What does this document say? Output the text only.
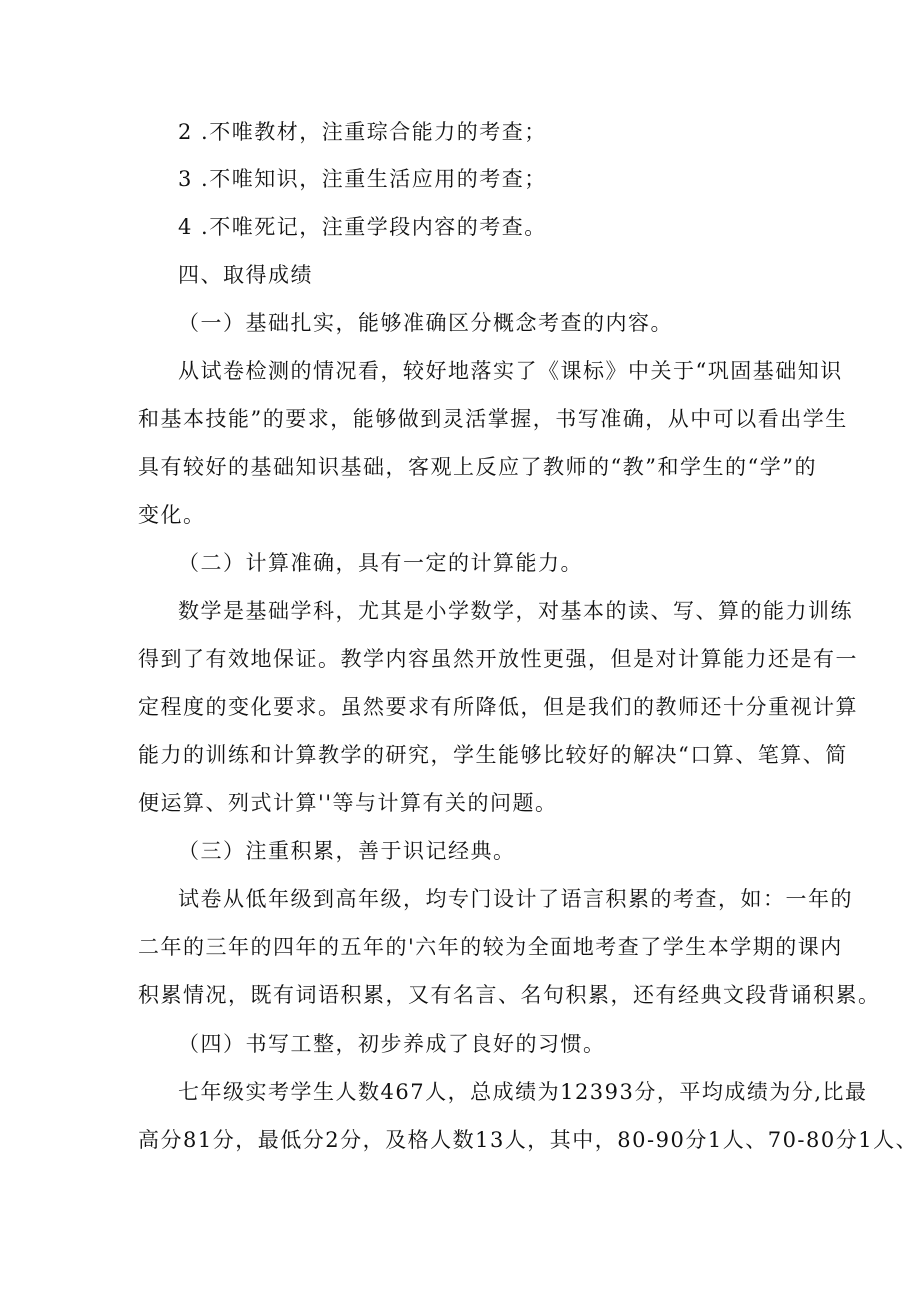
2 .不唯教材，注重琮合能力的考查；
3 .不唯知识，注重生活应用的考查；
4 .不唯死记，注重学段内容的考查。
四、取得成绩
（一）基础扎实，能够准确区分概念考查的内容。
从试卷检测的情况看，较好地落实了《课标》中关于“巩固基础知识
和基本技能”的要求，能够做到灵活掌握，书写准确，从中可以看出学生
具有较好的基础知识基础，客观上反应了教师的“教”和学生的“学”的
变化。
（二）计算准确，具有一定的计算能力。
数学是基础学科，尤其是小学数学，对基本的读、写、算的能力训练
得到了有效地保证。教学内容虽然开放性更强，但是对计算能力还是有一
定程度的变化要求。虽然要求有所降低，但是我们的教师还十分重视计算
能力的训练和计算教学的研究，学生能够比较好的解决“口算、笔算、简
便运算、列式计算''等与计算有关的问题。
（三）注重积累，善于识记经典。
试卷从低年级到高年级，均专门设计了语言积累的考查，如：一年的
二年的三年的四年的五年的'六年的较为全面地考查了学生本学期的课内
积累情况，既有词语积累，又有名言、名句积累，还有经典文段背诵积累。
（四）书写工整，初步养成了良好的习惯。
七年级实考学生人数467人，总成绩为12393分，平均成绩为分,比最
高分81分，最低分2分，及格人数13人，其中，80-90分1人、70-80分1人、
